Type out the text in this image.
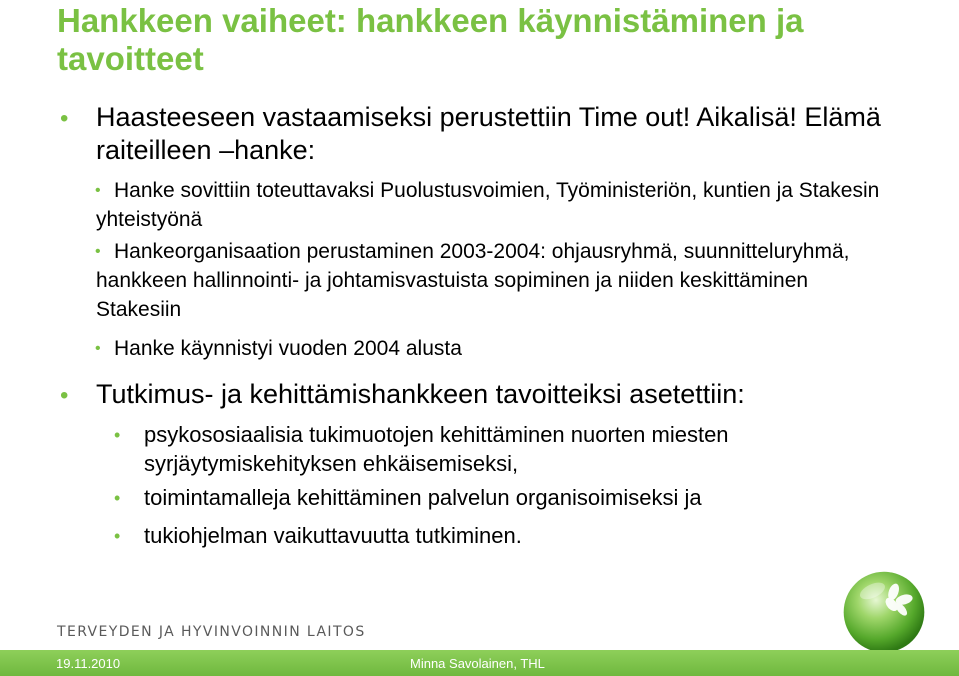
Hankkeen vaiheet: hankkeen käynnistäminen ja tavoitteet
• Haasteeseen vastaamiseksi perustettiin Time out! Aikalisä! Elämä raiteilleen –hanke:
• Hanke sovittiin toteuttavaksi Puolustusvoimien, Työministeriön, kuntien ja Stakesin yhteistyönä
• Hankeorganisaation perustaminen 2003-2004: ohjausryhmä, suunnitteluryhmä, hankkeen hallinnointi- ja johtamisvastuista sopiminen ja niiden keskittäminen Stakesiin
• Hanke käynnistyi vuoden 2004 alusta
• Tutkimus- ja kehittämishankkeen tavoitteiksi asetettiin:
• psykososiaalisia tukimuotojen kehittäminen nuorten miesten syrjäytymiskehityksen ehkäisemiseksi,
• toimintamalleja kehittäminen palvelun organisoimiseksi ja
• tukiohjelman vaikuttavuutta tutkiminen.
TERVEYDEN JA HYVINVOINNIN LAITOS
19.11.2010	Minna Savolainen, THL
